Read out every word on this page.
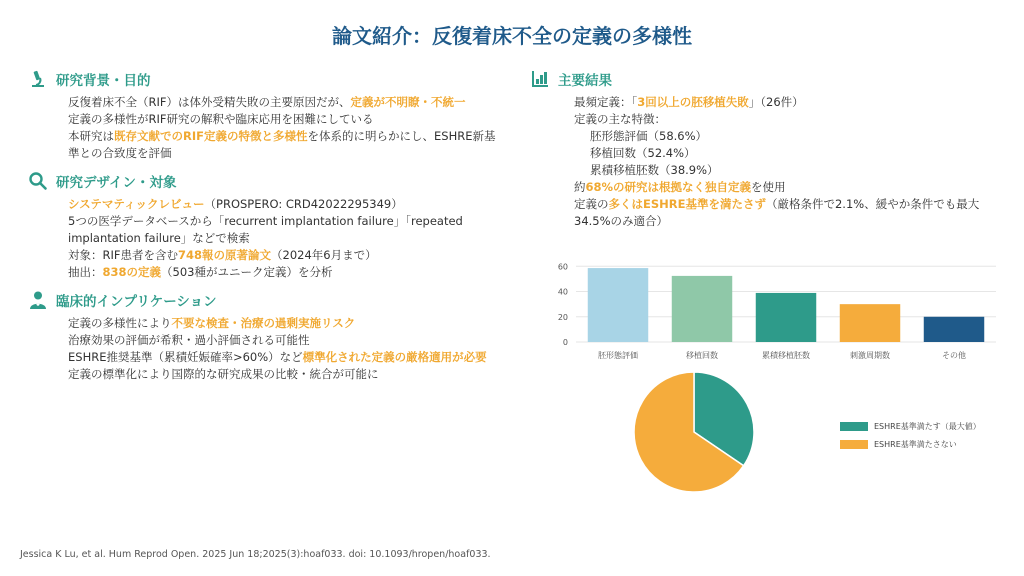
論文紹介：反復着床不全の定義の多様性
研究背景・目的
反復着床不全（RIF）は体外受精失敗の主要原因だが、定義が不明瞭・不統一
定義の多様性がRIF研究の解釈や臨床応用を困難にしている
本研究は既存文献でのRIF定義の特徴と多様性を体系的に明らかにし、ESHRE新基準との合致度を評価
研究デザイン・対象
システマティックレビュー（PROSPERO: CRD42022295349）
5つの医学データベースから「recurrent implantation failure」「repeated implantation failure」などで検索
対象：RIF患者を含む748報の原著論文（2024年6月まで）
抽出：838の定義（503種がユニーク定義）を分析
臨床的インプリケーション
定義の多様性により不要な検査・治療の過剰実施リスク
治療効果の評価が希釈・過小評価される可能性
ESHRE推奨基準（累積妊娠確率>60%）など標準化された定義の厳格適用が必要
定義の標準化により国際的な研究成果の比較・統合が可能に
主要結果
最頻定義：「3回以上の胚移植失敗」（26件）
定義の主な特徴：
胚形態評価（58.6%）
移植回数（52.4%）
累積移植胚数（38.9%）
約68%の研究は根拠なく独自定義を使用
定義の多くはESHRE基準を満たさず（厳格条件で2.1%、緩やか条件でも最大34.5%のみ適合）
0
20
40
60
胚形態評価	移植回数	累積移植胚数	刺激周期数	その他
ESHRE基準満たす（最大値）
ESHRE基準満たさない
Jessica K Lu, et al. Hum Reprod Open. 2025 Jun 18;2025(3):hoaf033. doi: 10.1093/hropen/hoaf033.
